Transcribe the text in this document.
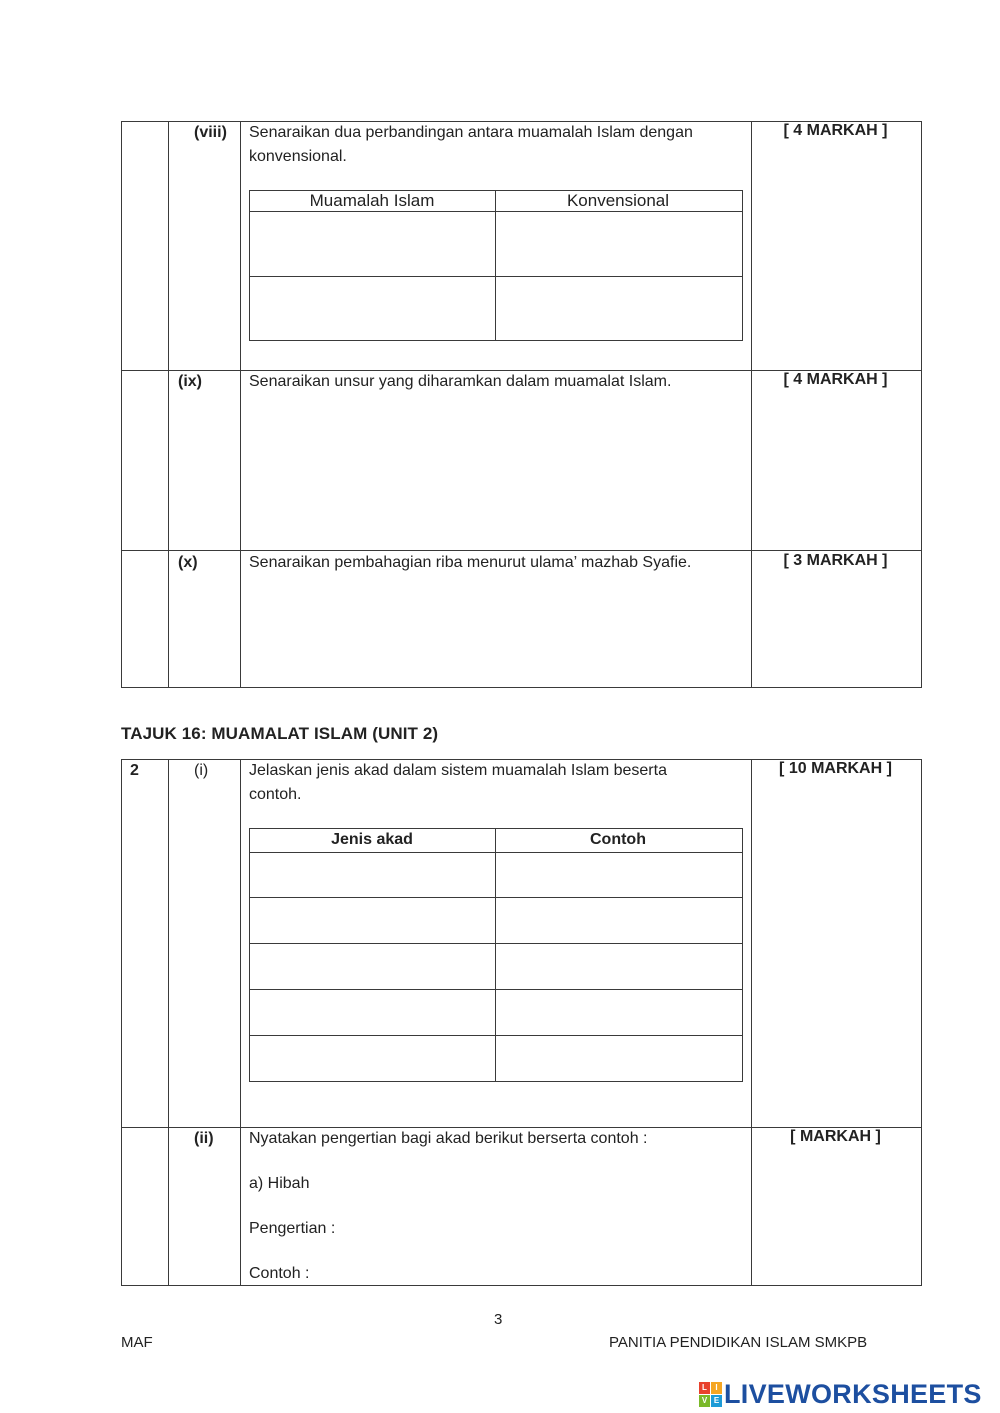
(viii) Senaraikan dua perbandingan antara muamalah Islam dengan
konvensional.
[ 4 MARKAH ]
Muamalah Islam	Konvensional
(ix)	Senaraikan unsur yang diharamkan dalam muamalat Islam.	[ 4 MARKAH ]
(x)	Senaraikan pembahagian riba menurut ulama’ mazhab Syafie.	[ 3 MARKAH ]
TAJUK 16: MUAMALAT ISLAM (UNIT 2)
2	(i)	Jelaskan jenis akad dalam sistem muamalah Islam beserta
contoh.
[ 10 MARKAH ]
Jenis akad	Contoh
(ii) Nyatakan pengertian bagi akad berikut berserta contoh :
a) Hibah
Pengertian :
Contoh :
[ MARKAH ]
3
MAF	PANITIA PENDIDIKAN ISLAM SMKPB
L	I
V E LIVEWORKSHEETS
